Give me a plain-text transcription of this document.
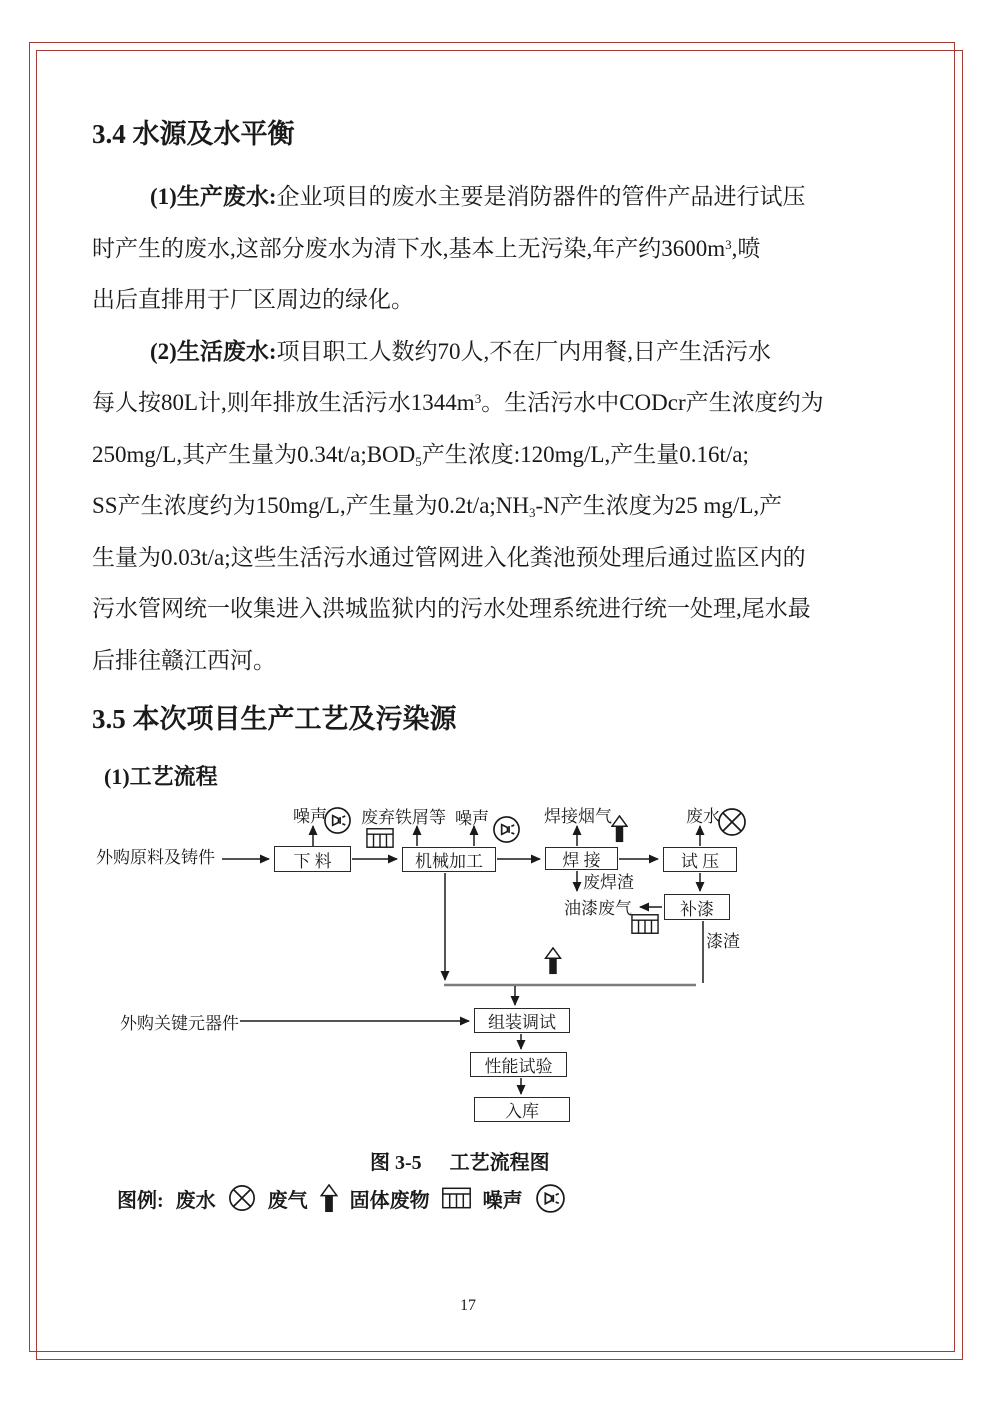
3.4 水源及水平衡
(1)生产废水:企业项目的废水主要是消防器件的管件产品进行试压
时产生的废水,这部分废水为清下水,基本上无污染,年产约$3600m^3$,喷
出后直排用于厂区周边的绿化。
(2)生活废水:项目职工人数约70人,不在厂内用餐,日产生活污水
每人按80L计,则年排放生活污水$1344m^3$。生活污水中CODcr产生浓度约为
250mg/L,其产生量为$0.34t/a;BOD_5$产生浓度:120mg/L,产生量0.16t/a;
SS产生浓度约为150mg/L,产生量为$0.2t/a;NH_3-N$产生浓度为25 mg/L,产
生量为0.03t/a;这些生活污水通过管网进入化粪池预处理后通过监区内的
污水管网统一收集进入洪城监狱内的污水处理系统进行统一处理,尾水最
后排往赣江西河。
3.5 本次项目生产工艺及污染源
(1)工艺流程
下 料	机械加工	焊 接	试 压
补漆
组装调试
性能试验
入库
外购原料及铸件
外购关键元器件
噪声 废弃铁屑等 噪声	焊接烟气	废水
废焊渣
油漆废气
漆渣
图 3-5 工艺流程图
图例: 废水	废气 固体废物	噪声
17
